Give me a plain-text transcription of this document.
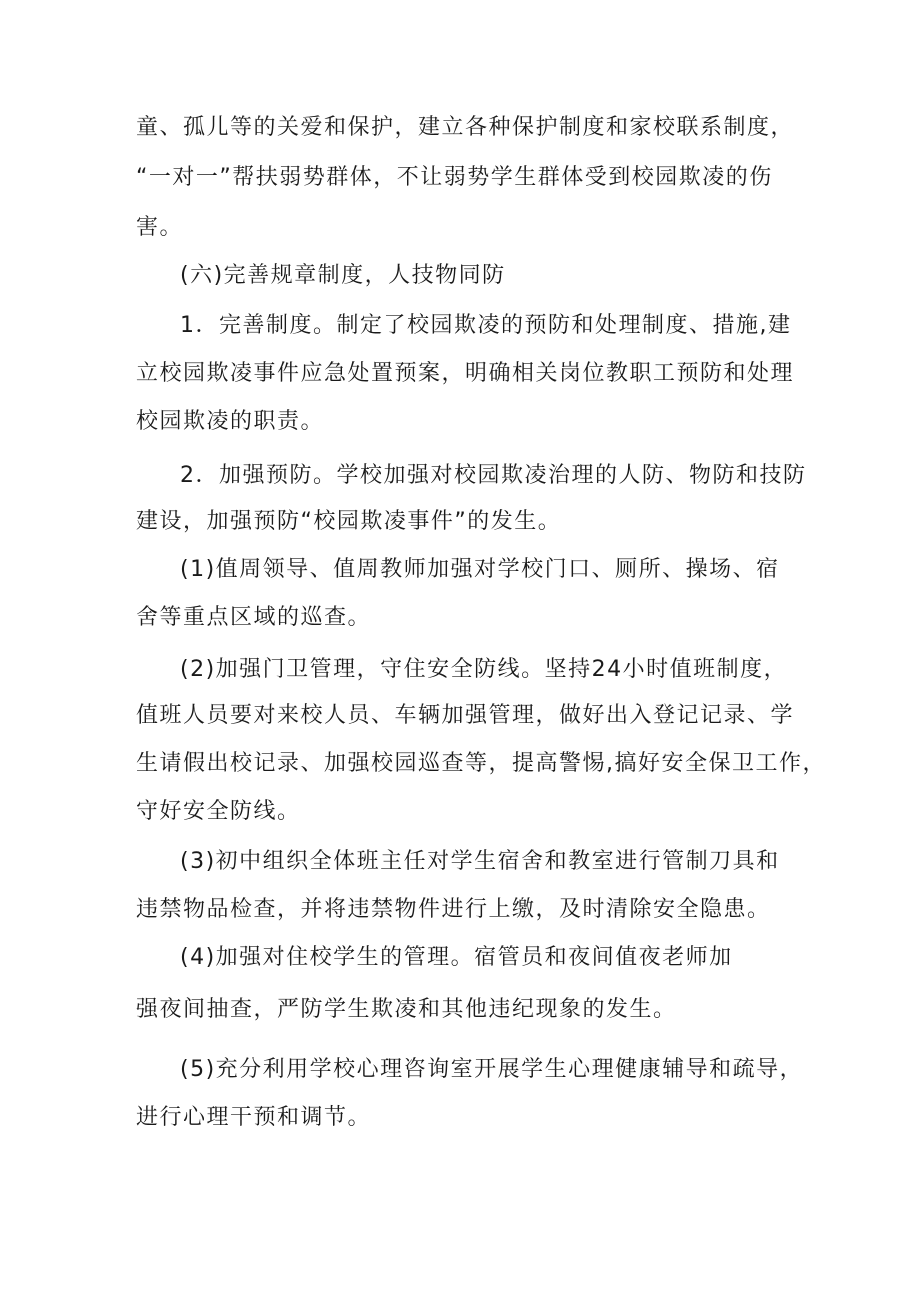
童、孤儿等的关爱和保护，建立各种保护制度和家校联系制度，
“一对一”帮扶弱势群体，不让弱势学生群体受到校园欺凌的伤
害。
(六)完善规章制度，人技物同防
1．完善制度。制定了校园欺凌的预防和处理制度、措施,建
立校园欺凌事件应急处置预案，明确相关岗位教职工预防和处理
校园欺凌的职责。
2．加强预防。学校加强对校园欺凌治理的人防、物防和技防
建设，加强预防“校园欺凌事件”的发生。
(1)值周领导、值周教师加强对学校门口、厕所、操场、宿
舍等重点区域的巡查。
(2)加强门卫管理，守住安全防线。坚持24小时值班制度，
值班人员要对来校人员、车辆加强管理，做好出入登记记录、学
生请假出校记录、加强校园巡查等，提高警惕,搞好安全保卫工作，
守好安全防线。
(3)初中组织全体班主任对学生宿舍和教室进行管制刀具和
违禁物品检查，并将违禁物件进行上缴，及时清除安全隐患。
(4)加强对住校学生的管理。宿管员和夜间值夜老师加
强夜间抽查，严防学生欺凌和其他违纪现象的发生。
(5)充分利用学校心理咨询室开展学生心理健康辅导和疏导，
进行心理干预和调节。
